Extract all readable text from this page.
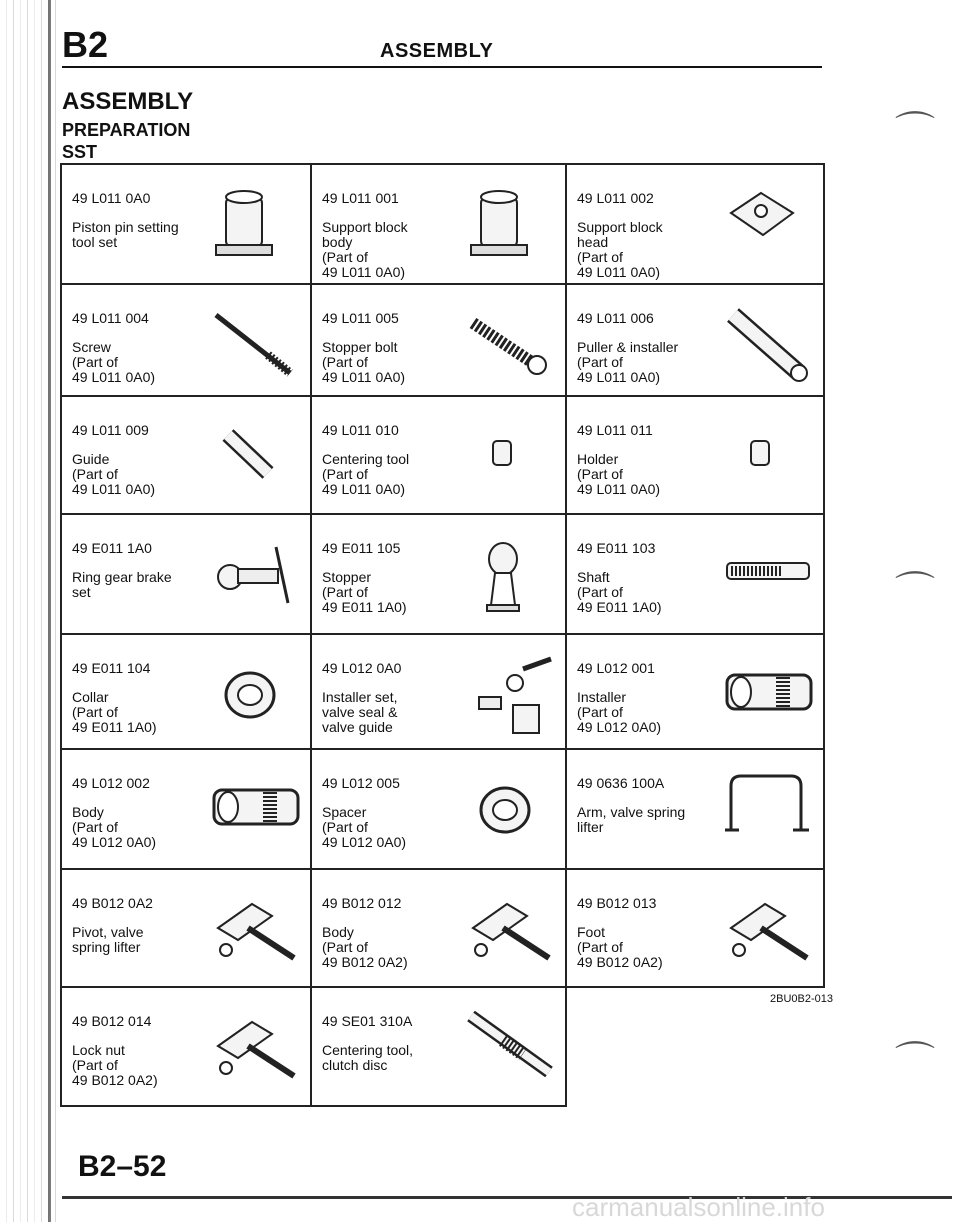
B2	ASSEMBLY
ASSEMBLY
PREPARATION
SST
49 L011 0A0
Piston pin setting
tool set
49 L011 001
Support block
body
(Part of
49 L011 0A0)
49 L011 002
Support block
head
(Part of
49 L011 0A0)
49 L011 004
Screw
(Part of
49 L011 0A0)
49 L011 005
Stopper bolt
(Part of
49 L011 0A0)
49 L011 006
Puller & installer
(Part of
49 L011 0A0)
49 L011 009
Guide
(Part of
49 L011 0A0)
49 L011 010
Centering tool
(Part of
49 L011 0A0)
49 L011 011
Holder
(Part of
49 L011 0A0)
49 E011 1A0
Ring gear brake
set
49 E011 105
Stopper
(Part of
49 E011 1A0)
49 E011 103
Shaft
(Part of
49 E011 1A0)
49 E011 104
Collar
(Part of
49 E011 1A0)
49 L012 0A0
Installer set,
valve seal &
valve guide
49 L012 001
Installer
(Part of
49 L012 0A0)
49 L012 002
Body
(Part of
49 L012 0A0)
49 L012 005
Spacer
(Part of
49 L012 0A0)
49 0636 100A
Arm, valve spring
lifter
49 B012 0A2
Pivot, valve
spring lifter
49 B012 012
Body
(Part of
49 B012 0A2)
49 B012 013
Foot
(Part of
49 B012 0A2)
49 B012 014
Lock nut
(Part of
49 B012 0A2)
49 SE01 310A
Centering tool,
clutch disc
2BU0B2-013
B2–52
carmanualsonline.info
⌒
⌒
⌒
